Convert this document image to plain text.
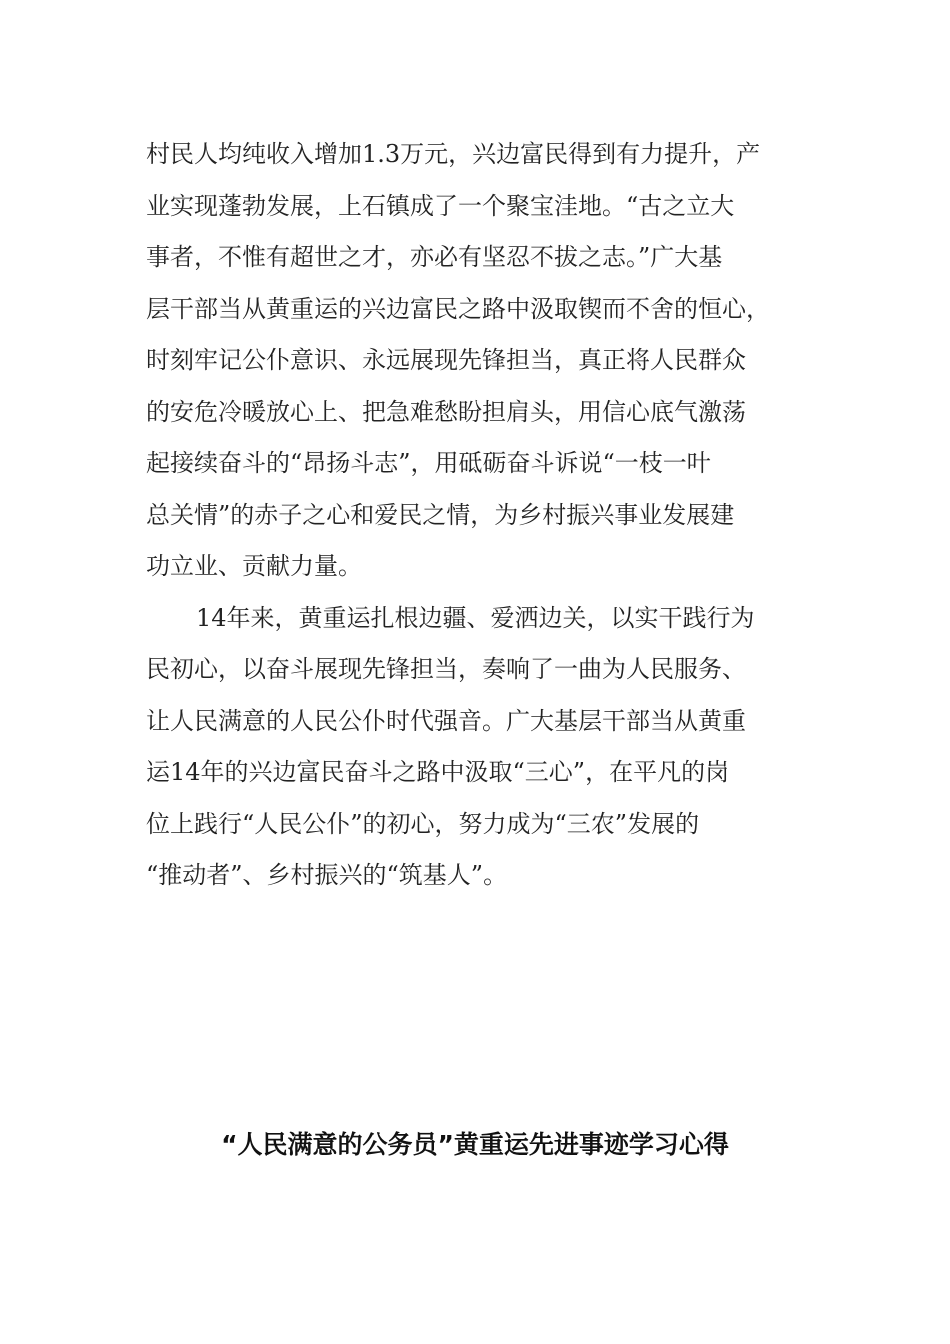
村民人均纯收入增加1.3万元，兴边富民得到有力提升，产
业实现蓬勃发展，上石镇成了一个聚宝洼地。“古之立大
事者，不惟有超世之才，亦必有坚忍不拔之志。”广大基
层干部当从黄重运的兴边富民之路中汲取锲而不舍的恒心，
时刻牢记公仆意识、永远展现先锋担当，真正将人民群众
的安危冷暖放心上、把急难愁盼担肩头，用信心底气激荡
起接续奋斗的“昂扬斗志”，用砥砺奋斗诉说“一枝一叶
总关情”的赤子之心和爱民之情，为乡村振兴事业发展建
功立业、贡献力量。
14年来，黄重运扎根边疆、爱洒边关，以实干践行为
民初心，以奋斗展现先锋担当，奏响了一曲为人民服务、
让人民满意的人民公仆时代强音。广大基层干部当从黄重
运14年的兴边富民奋斗之路中汲取“三心”，在平凡的岗
位上践行“人民公仆”的初心，努力成为“三农”发展的
“推动者”、乡村振兴的“筑基人”。
“人民满意的公务员”黄重运先进事迹学习心得
